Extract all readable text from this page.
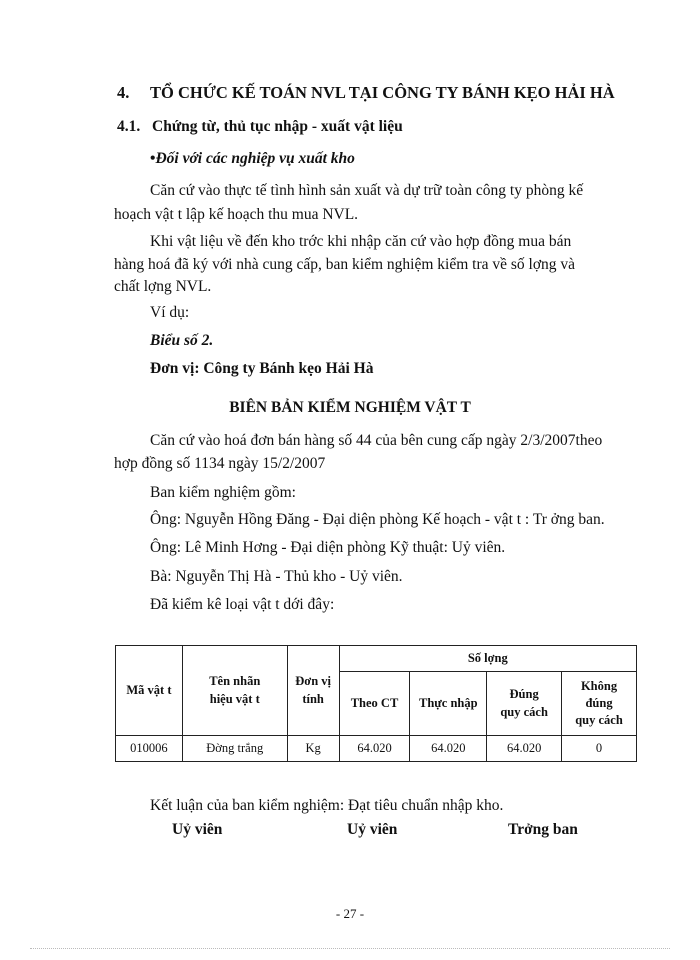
4. TỔ CHỨC KẾ TOÁN NVL TẠI CÔNG TY BÁNH KẸO HẢI HÀ
4.1. Chứng từ, thủ tục nhập - xuất vật liệu
•Đối với các nghiệp vụ xuất kho
Căn cứ vào thực tế tình hình sản xuất và dự trữ toàn công ty phòng kế
hoạch vật t lập kế hoạch thu mua NVL.
Khi vật liệu về đến kho trớc khi nhập căn cứ vào hợp đồng mua bán
hàng hoá đã ký với nhà cung cấp, ban kiểm nghiệm kiểm tra về số lợng và
chất lợng NVL.
Ví dụ:
Biểu số 2.
Đơn vị: Công ty Bánh kẹo Hải Hà
BIÊN BẢN KIỂM NGHIỆM VẬT T
Căn cứ vào hoá đơn bán hàng số 44 của bên cung cấp ngày 2/3/2007theo
hợp đồng số 1134 ngày 15/2/2007
Ban kiểm nghiệm gồm:
Ông: Nguyễn Hồng Đăng - Đại diện phòng Kế hoạch - vật t : Tr ởng ban.
Ông: Lê Minh Hơng - Đại diện phòng Kỹ thuật: Uỷ viên.
Bà: Nguyễn Thị Hà - Thủ kho - Uỷ viên.
Đã kiểm kê loại vật t dới đây:
Mã vật t	Tên nhãn hiệu vật t	Đơn vị tính	Số lợng			
			Theo CT	Thực nhập	Đúng quy cách	Không đúng quy cách

010006	Đờng trắng	Kg	64.020	64.020	64.020	0
Kết luận của ban kiểm nghiệm: Đạt tiêu chuẩn nhập kho.
Uỷ viên	Uỷ viên	Trởng ban
- 27 -
